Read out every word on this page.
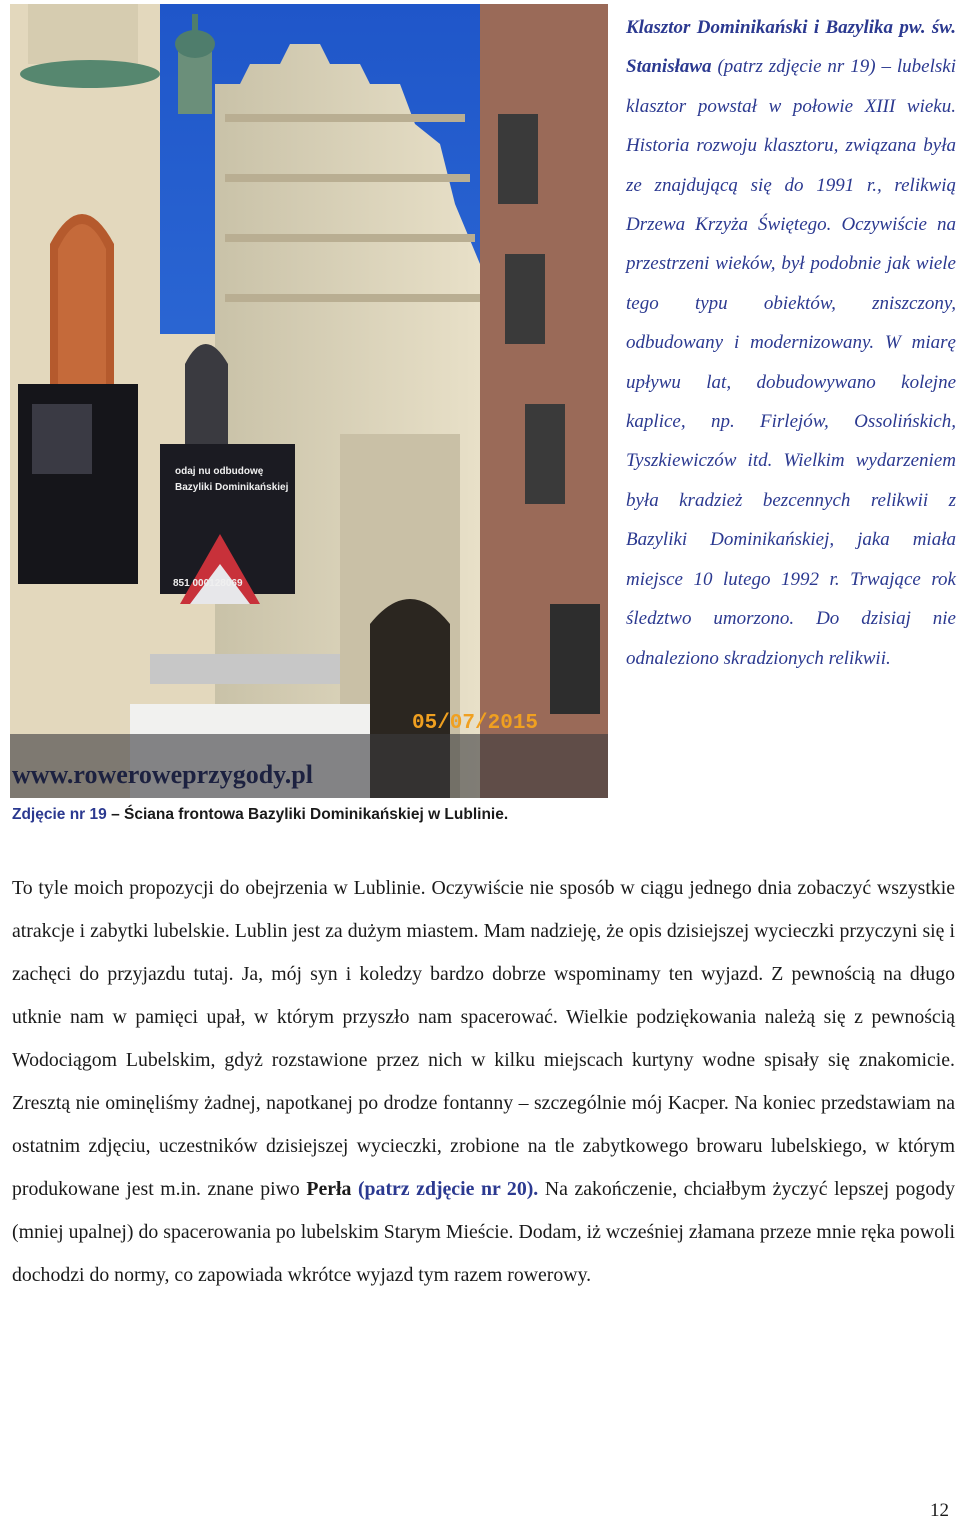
odaj nu odbudowę
Bazyliki Dominikańskiej
851 000128069
05/07/2015
www.roweroweprzygody.pl
Zdjęcie nr 19 – Ściana frontowa Bazyliki Dominikańskiej w Lublinie.
Klasztor Dominikański i Bazylika pw. św. Stanisława (patrz zdjęcie nr 19) – lubelski klasztor powstał w połowie XIII wieku. Historia rozwoju klasztoru, związana była ze znajdującą się do 1991 r., relikwią Drzewa Krzyża Świętego. Oczywiście na przestrzeni wieków, był podobnie jak wiele tego typu obiektów, zniszczony, odbudowany i modernizowany. W miarę upływu lat, dobudowywano kolejne kaplice, np. Firlejów, Ossolińskich, Tyszkiewiczów itd. Wielkim wydarzeniem była kradzież bezcennych relikwii z Bazyliki Dominikańskiej, jaka miała miejsce 10 lutego 1992 r. Trwające rok śledztwo umorzono. Do dzisiaj nie odnaleziono skradzionych relikwii.
To tyle moich propozycji do obejrzenia w Lublinie. Oczywiście nie sposób w ciągu jednego dnia zobaczyć wszystkie atrakcje i zabytki lubelskie. Lublin jest za dużym miastem. Mam nadzieję, że opis dzisiejszej wycieczki przyczyni się i zachęci do przyjazdu tutaj. Ja, mój syn i koledzy bardzo dobrze wspominamy ten wyjazd. Z pewnością na długo utknie nam w pamięci upał, w którym przyszło nam spacerować. Wielkie podziękowania należą się z pewnością Wodociągom Lubelskim, gdyż rozstawione przez nich w kilku miejscach kurtyny wodne spisały się znakomicie. Zresztą nie ominęliśmy żadnej, napotkanej po drodze fontanny – szczególnie mój Kacper. Na koniec przedstawiam na ostatnim zdjęciu, uczestników dzisiejszej wycieczki, zrobione na tle zabytkowego browaru lubelskiego, w którym produkowane jest m.in. znane piwo Perła (patrz zdjęcie nr 20). Na zakończenie, chciałbym życzyć lepszej pogody (mniej upalnej) do spacerowania po lubelskim Starym Mieście. Dodam, iż wcześniej złamana przeze mnie ręka powoli dochodzi do normy, co zapowiada wkrótce wyjazd tym razem rowerowy.
12
